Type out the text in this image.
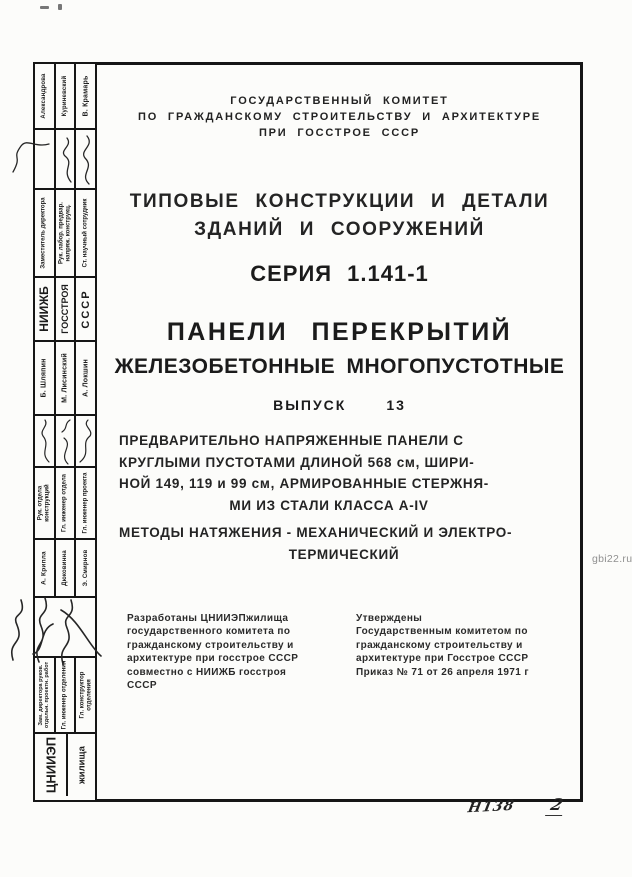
Александрова Куриневский В. Крамарь
Заместитель директора Рук. лабор. предвар. напряж. конструкц. Ст. научный сотрудник
НИИЖБ ГОССТРОЯ СССР
Б. Шляпин М. Лисинский А. Локшин
Рук. отдела конструкций Гл. инженер отдела Гл. инженер проекта
А. Крипла Дюковинна Э. Смирнов
Зам. директора руков. отдельн. проектн. работ Гл. инженер отделения Гл. конструктор отделения
ЦНИИЭП жилища
ГОСУДАРСТВЕННЫЙ КОМИТЕТ
ПО ГРАЖДАНСКОМУ СТРОИТЕЛЬСТВУ И АРХИТЕКТУРЕ
ПРИ ГОССТРОЕ СССР
ТИПОВЫЕ КОНСТРУКЦИИ И ДЕТАЛИ
ЗДАНИЙ И СООРУЖЕНИЙ
СЕРИЯ 1.141-1
ПАНЕЛИ ПЕРЕКРЫТИЙ
ЖЕЛЕЗОБЕТОННЫЕ МНОГОПУСТОТНЫЕ
ВЫПУСК	13
ПРЕДВАРИТЕЛЬНО НАПРЯЖЕННЫЕ ПАНЕЛИ С
КРУГЛЫМИ ПУСТОТАМИ ДЛИНОЙ 568 см, ШИРИ-
НОЙ 149, 119 и 99 см, АРМИРОВАННЫЕ СТЕРЖНЯ-
МИ ИЗ СТАЛИ КЛАССА А-IV
МЕТОДЫ НАТЯЖЕНИЯ - МЕХАНИЧЕСКИЙ И ЭЛЕКТРО-
ТЕРМИЧЕСКИЙ
Разработаны ЦНИИЭПжилища
государственного комитета по
гражданскому строительству и
архитектуре при госстрое СССР
совместно с НИИЖБ госстроя
СССР
Утверждены
Государственным комитетом по
гражданскому строительству и
архитектуре при Госстрое СССР
Приказ № 71 от 26 апреля 1971 г
gbi22.ru
Н138 2
